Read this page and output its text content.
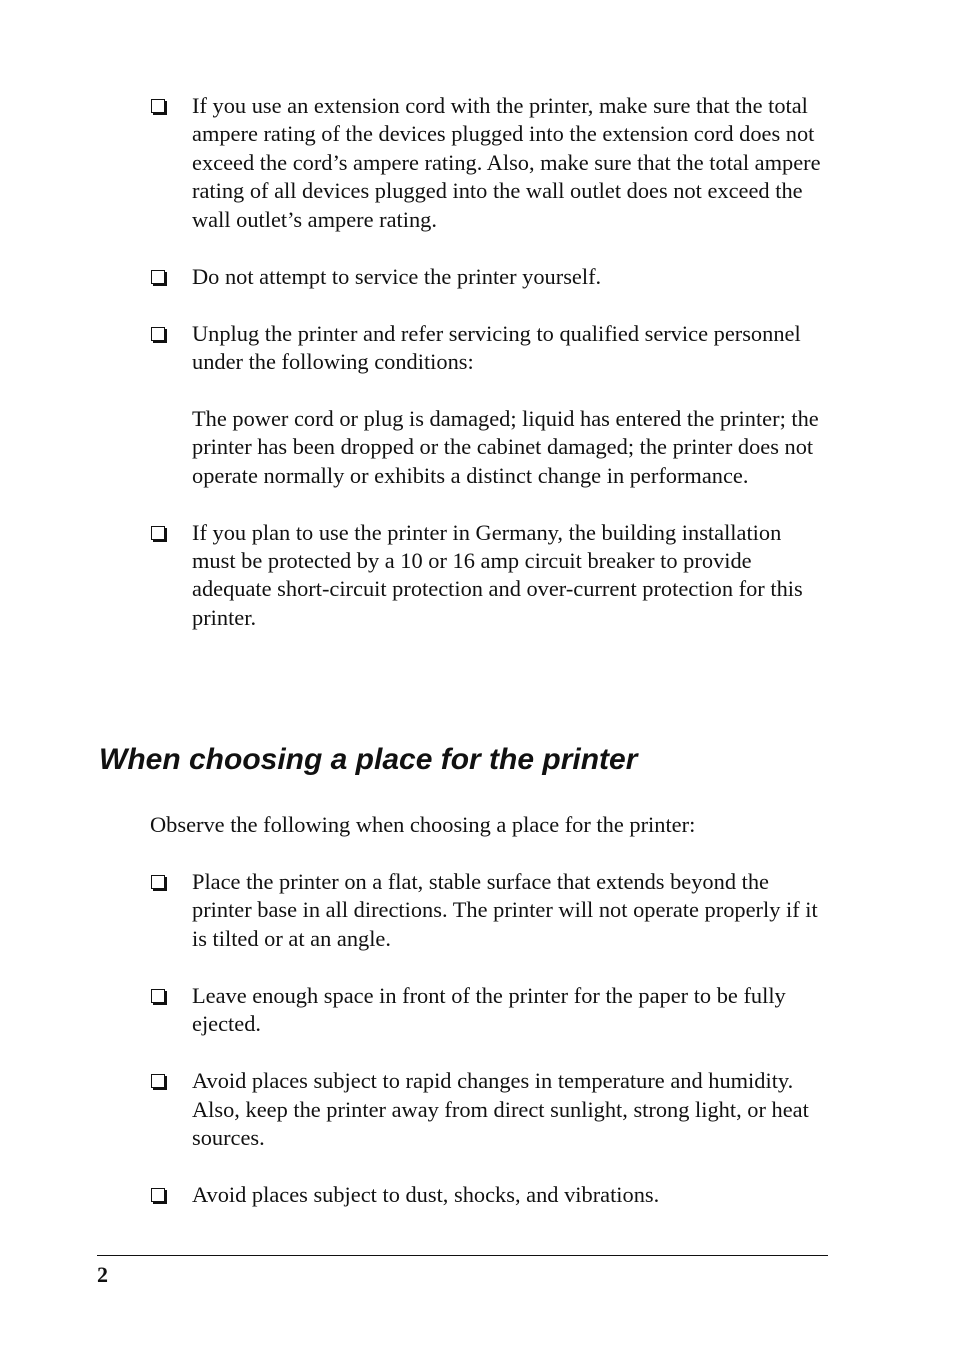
If you use an extension cord with the printer, make sure that the total ampere rating of the devices plugged into the extension cord does not exceed the cord’s ampere rating. Also, make sure that the total ampere rating of all devices plugged into the wall outlet does not exceed the wall outlet’s ampere rating.

Do not attempt to service the printer yourself.

Unplug the printer and refer servicing to qualified service personnel under the following conditions:

The power cord or plug is damaged; liquid has entered the printer; the printer has been dropped or the cabinet damaged; the printer does not operate normally or exhibits a distinct change in performance.

If you plan to use the printer in Germany, the building installation must be protected by a 10 or 16 amp circuit breaker to provide adequate short-circuit protection and over-current protection for this printer.

When choosing a place for the printer

Observe the following when choosing a place for the printer:

Place the printer on a flat, stable surface that extends beyond the printer base in all directions. The printer will not operate properly if it is tilted or at an angle.

Leave enough space in front of the printer for the paper to be fully ejected.

Avoid places subject to rapid changes in temperature and humidity. Also, keep the printer away from direct sunlight, strong light, or heat sources.

Avoid places subject to dust, shocks, and vibrations.

2
